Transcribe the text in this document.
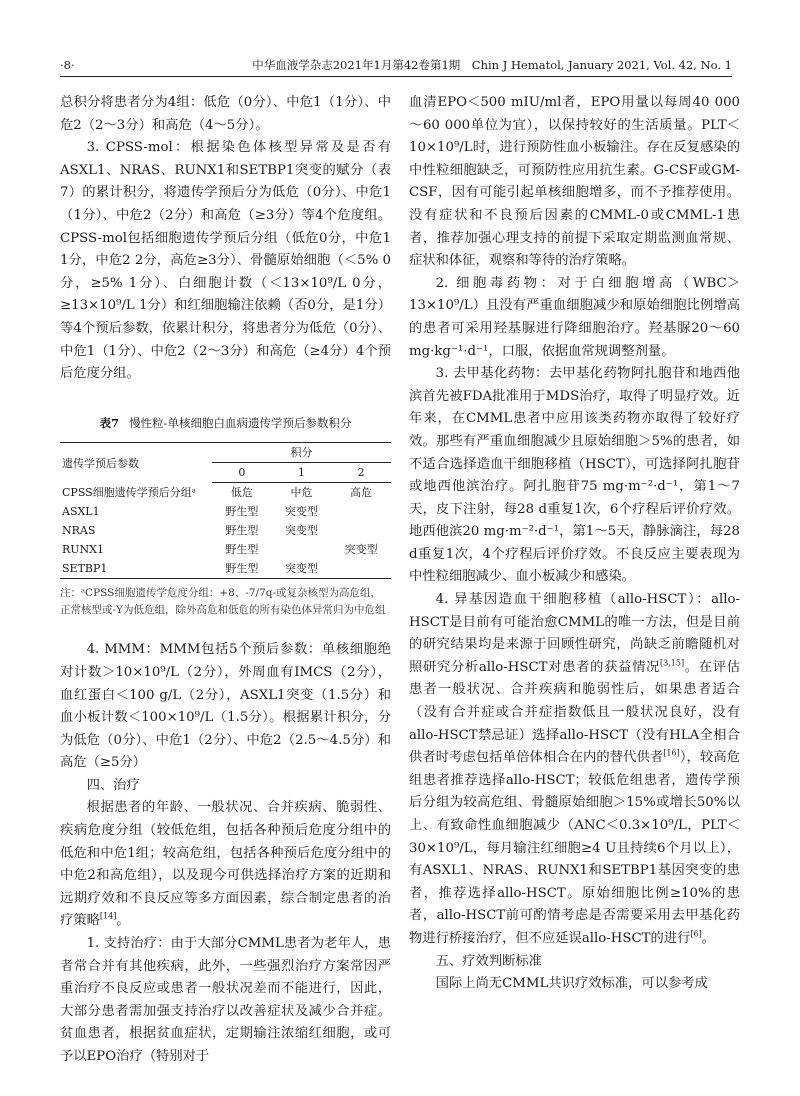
·8·	中华血液学杂志2021年1月第42卷第1期　Chin J Hematol, January 2021, Vol. 42, No. 1

总积分将患者分为4组：低危（0分）、中危1（1分）、中危2（2～3分）和高危（4～5分）。

3. CPSS-mol：根据染色体核型异常及是否有ASXL1、NRAS、RUNX1和SETBP1突变的赋分（表7）的累计积分，将遗传学预后分为低危（0分）、中危1（1分）、中危2（2分）和高危（≥3分）等4个危度组。CPSS-mol包括细胞遗传学预后分组（低危0分，中危1 1分，中危2 2分，高危≥3分）、骨髓原始细胞（＜5% 0分，≥5% 1分）、白细胞计数（＜13×10⁹/L 0分，≥13×10⁹/L 1分）和红细胞输注依赖（否0分，是1分）等4个预后参数，依累计积分，将患者分为低危（0分）、中危1（1分）、中危2（2～3分）和高危（≥4分）4个预后危度分组。

表7 慢性粒-单核细胞白血病遗传学预后参数积分
遗传学预后参数	积分		
	0	1	2
CPSS细胞遗传学预后分组ᵃ	低危	中危	高危
ASXL1	野生型	突变型	
NRAS	野生型	突变型	
RUNX1	野生型		突变型
SETBP1	野生型	突变型	

注：ᵃCPSS细胞遗传学危度分组：+8、-7/7q-或复杂核型为高危组，正常核型或-Y为低危组，除外高危和低危的所有染色体异常归为中危组

4. MMM：MMM包括5个预后参数：单核细胞绝对计数＞10×10⁹/L（2分），外周血有IMCS（2分），血红蛋白＜100 g/L（2分），ASXL1突变（1.5分）和血小板计数＜100×10⁹/L（1.5分）。根据累计积分，分为低危（0分）、中危1（2分）、中危2（2.5～4.5分）和高危（≥5分）

四、治疗

根据患者的年龄、一般状况、合并疾病、脆弱性、疾病危度分组（较低危组，包括各种预后危度分组中的低危和中危1组；较高危组，包括各种预后危度分组中的中危2和高危组），以及现今可供选择治疗方案的近期和远期疗效和不良反应等多方面因素，综合制定患者的治疗策略[14]。

1. 支持治疗：由于大部分CMML患者为老年人，患者常合并有其他疾病，此外，一些强烈治疗方案常因严重治疗不良反应或患者一般状况差而不能进行，因此，大部分患者需加强支持治疗以改善症状及减少合并症。贫血患者，根据贫血症状，定期输注浓缩红细胞，或可予以EPO治疗（特别对于

血清EPO＜500 mIU/ml者，EPO用量以每周40 000～60 000单位为宜），以保持较好的生活质量。PLT＜10×10⁹/L时，进行预防性血小板输注。存在反复感染的中性粒细胞缺乏，可预防性应用抗生素。G-CSF或GM-CSF，因有可能引起单核细胞增多，而不予推荐使用。没有症状和不良预后因素的CMML-0或CMML-1患者，推荐加强心理支持的前提下采取定期监测血常规、症状和体征，观察和等待的治疗策略。

2. 细胞毒药物：对于白细胞增高（WBC＞13×10⁹/L）且没有严重血细胞减少和原始细胞比例增高的患者可采用羟基脲进行降细胞治疗。羟基脲20～60 mg·kg⁻¹·d⁻¹，口服，依据血常规调整剂量。

3. 去甲基化药物：去甲基化药物阿扎胞苷和地西他滨首先被FDA批准用于MDS治疗，取得了明显疗效。近年来，在CMML患者中应用该类药物亦取得了较好疗效。那些有严重血细胞减少且原始细胞＞5%的患者，如不适合选择造血干细胞移植（HSCT），可选择阿扎胞苷或地西他滨治疗。阿扎胞苷75 mg·m⁻²·d⁻¹，第1～7天，皮下注射，每28 d重复1次，6个疗程后评价疗效。地西他滨20 mg·m⁻²·d⁻¹，第1～5天，静脉滴注，每28 d重复1次，4个疗程后评价疗效。不良反应主要表现为中性粒细胞减少、血小板减少和感染。

4. 异基因造血干细胞移植（allo-HSCT）：allo-HSCT是目前有可能治愈CMML的唯一方法，但是目前的研究结果均是来源于回顾性研究，尚缺乏前瞻随机对照研究分析allo-HSCT对患者的获益情况[3,15]。在评估患者一般状况、合并疾病和脆弱性后，如果患者适合（没有合并症或合并症指数低且一般状况良好，没有allo-HSCT禁忌证）选择allo-HSCT（没有HLA全相合供者时考虑包括单倍体相合在内的替代供者[16]），较高危组患者推荐选择allo-HSCT；较低危组患者，遗传学预后分组为较高危组、骨髓原始细胞＞15%或增长50%以上、有致命性血细胞减少（ANC＜0.3×10⁹/L，PLT＜30×10⁹/L，每月输注红细胞≥4 U且持续6个月以上），有ASXL1、NRAS、RUNX1和SETBP1基因突变的患者，推荐选择allo-HSCT。原始细胞比例≥10%的患者，allo-HSCT前可酌情考虑是否需要采用去甲基化药物进行桥接治疗，但不应延误allo-HSCT的进行[6]。

五、疗效判断标准

国际上尚无CMML共识疗效标准，可以参考成
